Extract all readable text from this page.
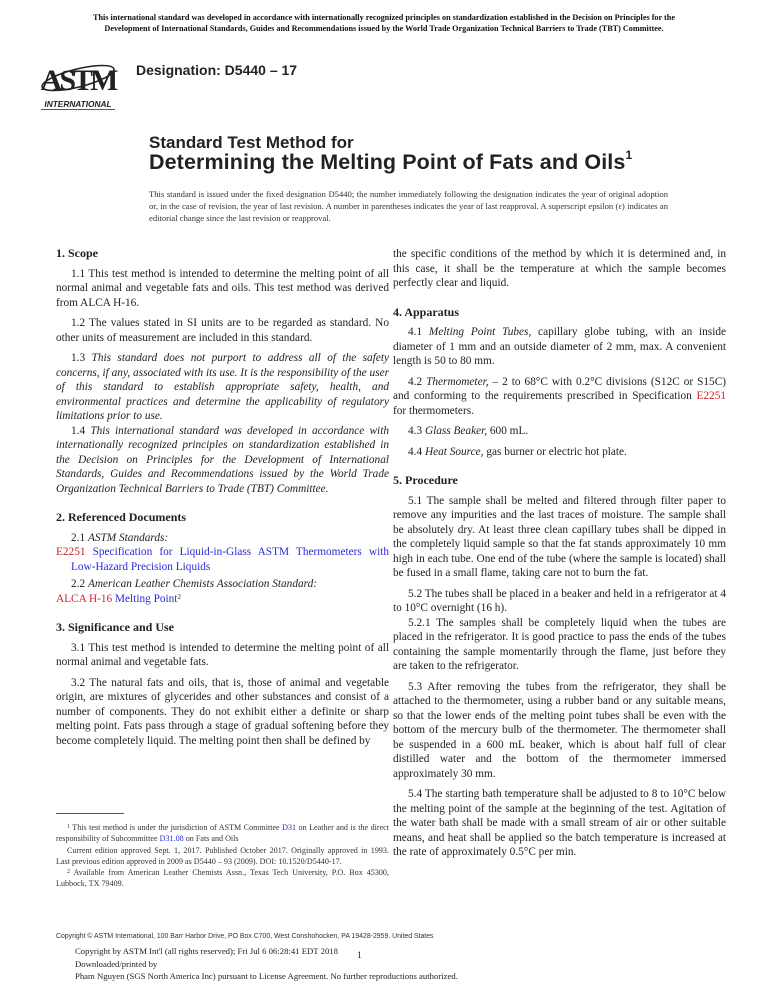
This international standard was developed in accordance with internationally recognized principles on standardization established in the Decision on Principles for the
Development of International Standards, Guides and Recommendations issued by the World Trade Organization Technical Barriers to Trade (TBT) Committee.
ASTM
INTERNATIONAL
Designation: D5440 – 17
Standard Test Method for
Determining the Melting Point of Fats and Oils$^1$
This standard is issued under the fixed designation D5440; the number immediately following the designation indicates the year of original adoption or, in the case of revision, the year of last revision. A number in parentheses indicates the year of last reapproval. A superscript epsilon (ε) indicates an editorial change since the last revision or reapproval.
1. Scope

1.1 This test method is intended to determine the melting point of all normal animal and vegetable fats and oils. This test method was derived from ALCA H-16.

1.2 The values stated in SI units are to be regarded as standard. No other units of measurement are included in this standard.

1.3 This standard does not purport to address all of the safety concerns, if any, associated with its use. It is the responsibility of the user of this standard to establish appropriate safety, health, and environmental practices and determine the applicability of regulatory limitations prior to use.

1.4 This international standard was developed in accordance with internationally recognized principles on standardization established in the Decision on Principles for the Development of International Standards, Guides and Recommendations issued by the World Trade Organization Technical Barriers to Trade (TBT) Committee.

2. Referenced Documents

2.1 ASTM Standards:

E2251 Specification for Liquid-in-Glass ASTM Thermometers with Low-Hazard Precision Liquids

2.2 American Leather Chemists Association Standard:

ALCA H-16 Melting Point$^2$

3. Significance and Use

3.1 This test method is intended to determine the melting point of all normal animal and vegetable fats.

3.2 The natural fats and oils, that is, those of animal and vegetable origin, are mixtures of glycerides and other substances and consist of a number of components. They do not exhibit either a definite or sharp melting point. Fats pass through a stage of gradual softening before they become completely liquid. The melting point then shall be defined by

$^1$ This test method is under the jurisdiction of ASTM Committee D31 on Leather and is the direct responsibility of Subcommittee D31.08 on Fats and Oils

Current edition approved Sept. 1, 2017. Published October 2017. Originally approved in 1993. Last previous edition approved in 2009 as D5440 – 93 (2009). DOI: 10.1520/D5440-17.

$^2$ Available from American Leather Chemists Assn., Texas Tech University, P.O. Box 45300, Lubbock, TX 79409.

the specific conditions of the method by which it is determined and, in this case, it shall be the temperature at which the sample becomes perfectly clear and liquid.

4. Apparatus

4.1 Melting Point Tubes, capillary globe tubing, with an inside diameter of 1 mm and an outside diameter of 2 mm, max. A convenient length is 50 to 80 mm.

4.2 Thermometer, – 2 to 68°C with 0.2°C divisions (S12C or S15C) and conforming to the requirements prescribed in Specification E2251 for thermometers.

4.3 Glass Beaker, 600 mL.

4.4 Heat Source, gas burner or electric hot plate.

5. Procedure

5.1 The sample shall be melted and filtered through filter paper to remove any impurities and the last traces of moisture. The sample shall be absolutely dry. At least three clean capillary tubes shall be dipped in the completely liquid sample so that the fat stands approximately 10 mm high in each tube. One end of the tube (where the sample is located) shall be fused in a small flame, taking care not to burn the fat.

5.2 The tubes shall be placed in a beaker and held in a refrigerator at 4 to 10°C overnight (16 h).

5.2.1 The samples shall be completely liquid when the tubes are placed in the refrigerator. It is good practice to pass the ends of the tubes containing the sample momentarily through the flame, just before they are taken to the refrigerator.

5.3 After removing the tubes from the refrigerator, they shall be attached to the thermometer, using a rubber band or any suitable means, so that the lower ends of the melting point tubes shall be even with the bottom of the mercury bulb of the thermometer. The thermometer shall be suspended in a 600 mL beaker, which is about half full of clear distilled water and the bottom of the thermometer immersed approximately 30 mm.

5.4 The starting bath temperature shall be adjusted to 8 to 10°C below the melting point of the sample at the beginning of the test. Agitation of the water bath shall be made with a small stream of air or other suitable means, and heat shall be applied so the batch temperature is increased at the rate of approximately 0.5°C per min.

Copyright © ASTM International, 100 Barr Harbor Drive, PO Box C700, West Conshohocken, PA 19428-2959. United States
Copyright by ASTM Int'l (all rights reserved); Fri Jul 6 06:28:41 EDT 2018
Downloaded/printed by
Pham Nguyen (SGS North America Inc) pursuant to License Agreement. No further reproductions authorized.
1
